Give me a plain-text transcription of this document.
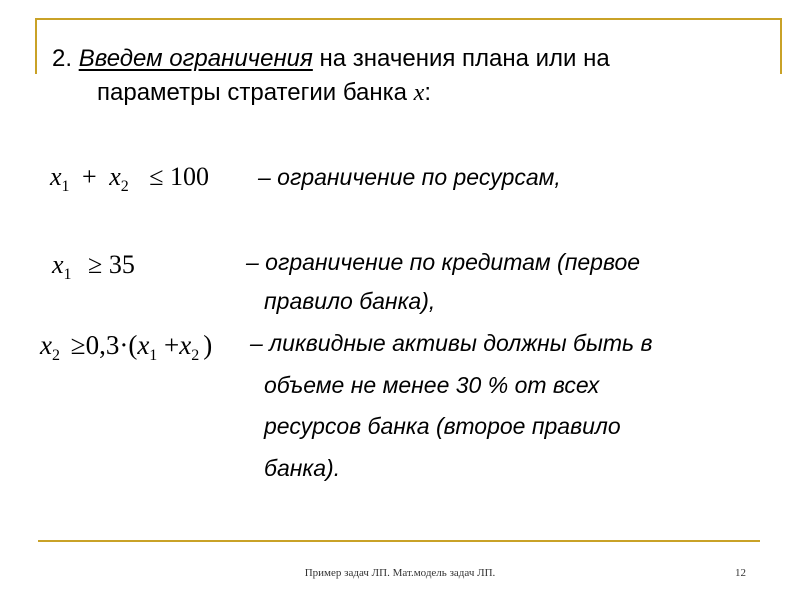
2. Введем ограничения на значения плана или на
параметры стратегии банка x:
$x_1 + x_2 \le 100$ – ограничение по ресурсам,
$x_1 \ge 35$	– ограничение по кредитам (первое
правило банка),
$x_2 \ge 0,3\cdot(x_1 +x_2$ ) – ликвидные активы должны быть в
объеме не менее 30 % от всех
ресурсов банка (второе правило
банка).
Пример задач ЛП. Мат.модель задач ЛП.	12
